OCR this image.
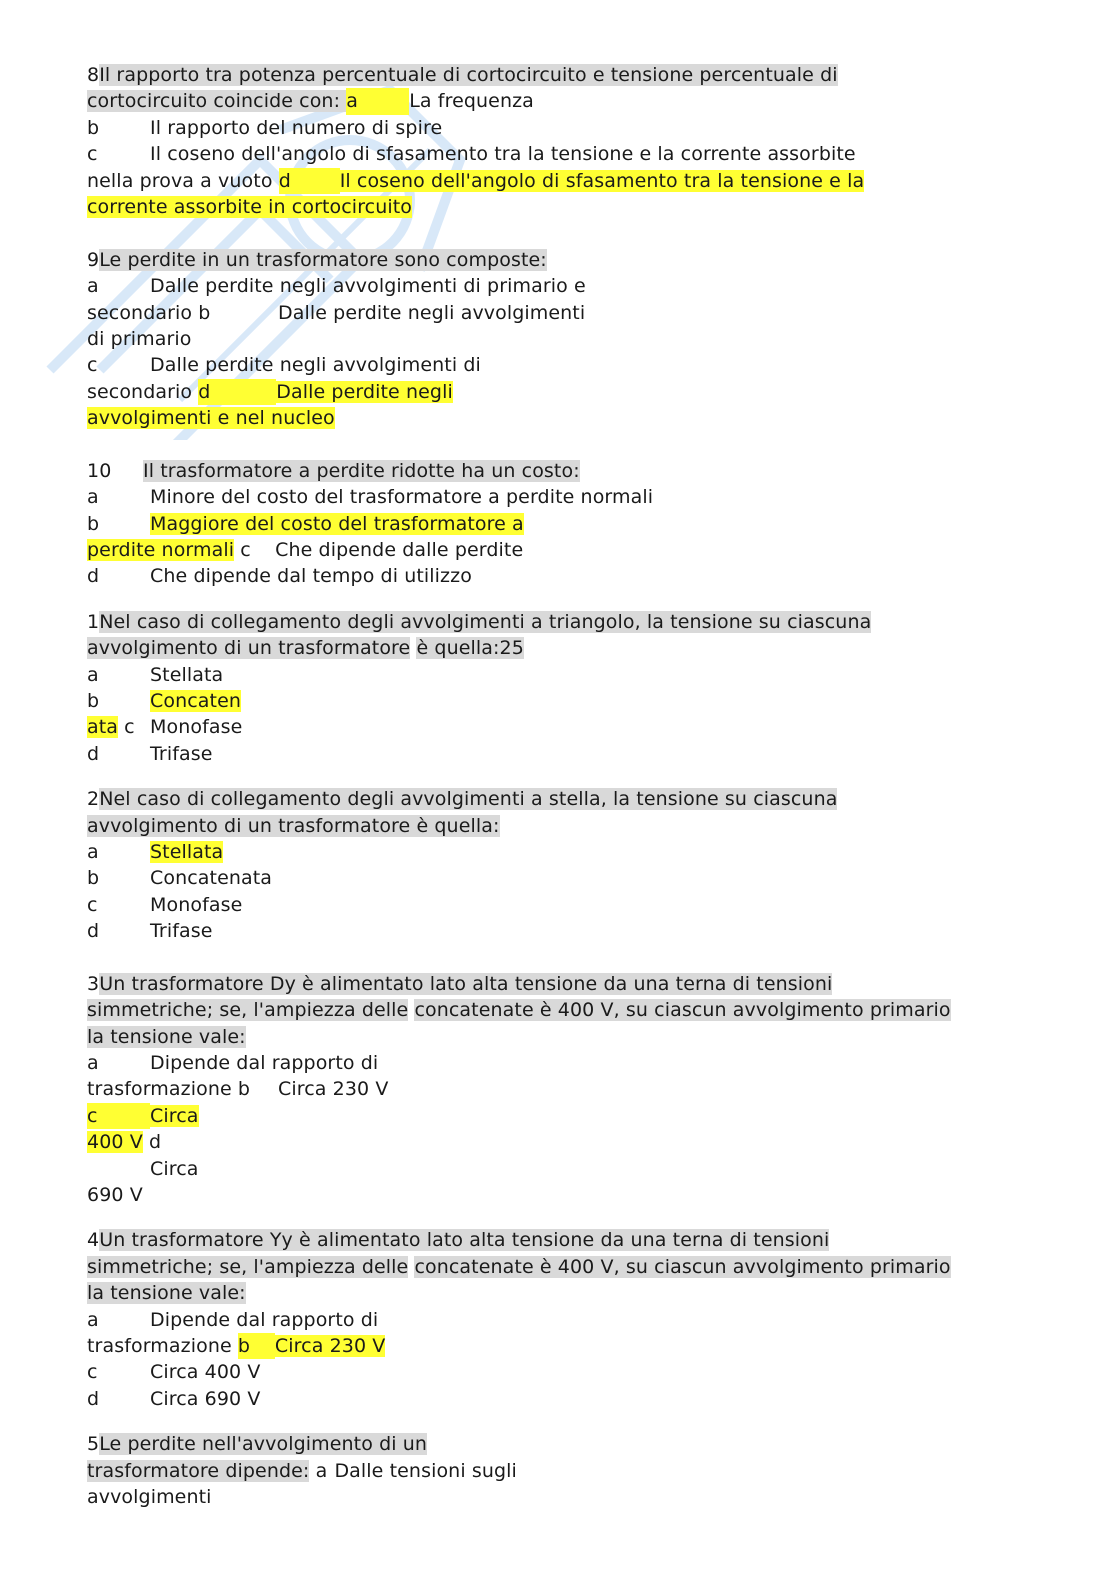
8Il rapporto tra potenza percentuale di cortocircuito e tensione percentuale di
cortocircuito coincide con: a	La frequenza
b	Il rapporto del numero di spire
c	Il coseno dell'angolo di sfasamento tra la tensione e la corrente assorbite
nella prova a vuoto d	Il coseno dell'angolo di sfasamento tra la tensione e la
corrente assorbite in cortocircuito
9Le perdite in un trasformatore sono composte:
a	Dalle perdite negli avvolgimenti di primario e
secondario b	Dalle perdite negli avvolgimenti
di primario
c	Dalle perdite negli avvolgimenti di
secondario d	Dalle perdite negli
avvolgimenti e nel nucleo
10 Il trasformatore a perdite ridotte ha un costo:
a	Minore del costo del trasformatore a perdite normali
b	Maggiore del costo del trasformatore a
perdite normali c Che dipende dalle perdite
d	Che dipende dal tempo di utilizzo
1Nel caso di collegamento degli avvolgimenti a triangolo, la tensione su ciascuna
avvolgimento di un trasformatore è quella:25
a	Stellata
b	Concaten
ata c Monofase
d	Trifase
2Nel caso di collegamento degli avvolgimenti a stella, la tensione su ciascuna
avvolgimento di un trasformatore è quella:
a	Stellata
b	Concatenata
c	Monofase
d	Trifase
3Un trasformatore Dy è alimentato lato alta tensione da una terna di tensioni
simmetriche; se, l'ampiezza delle concatenate è 400 V, su ciascun avvolgimento primario
la tensione vale:
a	Dipende dal rapporto di
trasformazione b Circa 230 V
c	Circa
400 V d
Circa
690 V
4Un trasformatore Yy è alimentato lato alta tensione da una terna di tensioni
simmetriche; se, l'ampiezza delle concatenate è 400 V, su ciascun avvolgimento primario
la tensione vale:
a	Dipende dal rapporto di
trasformazione b Circa 230 V
c	Circa 400 V
d	Circa 690 V
5Le perdite nell'avvolgimento di un
trasformatore dipende: a Dalle tensioni sugli
avvolgimenti
